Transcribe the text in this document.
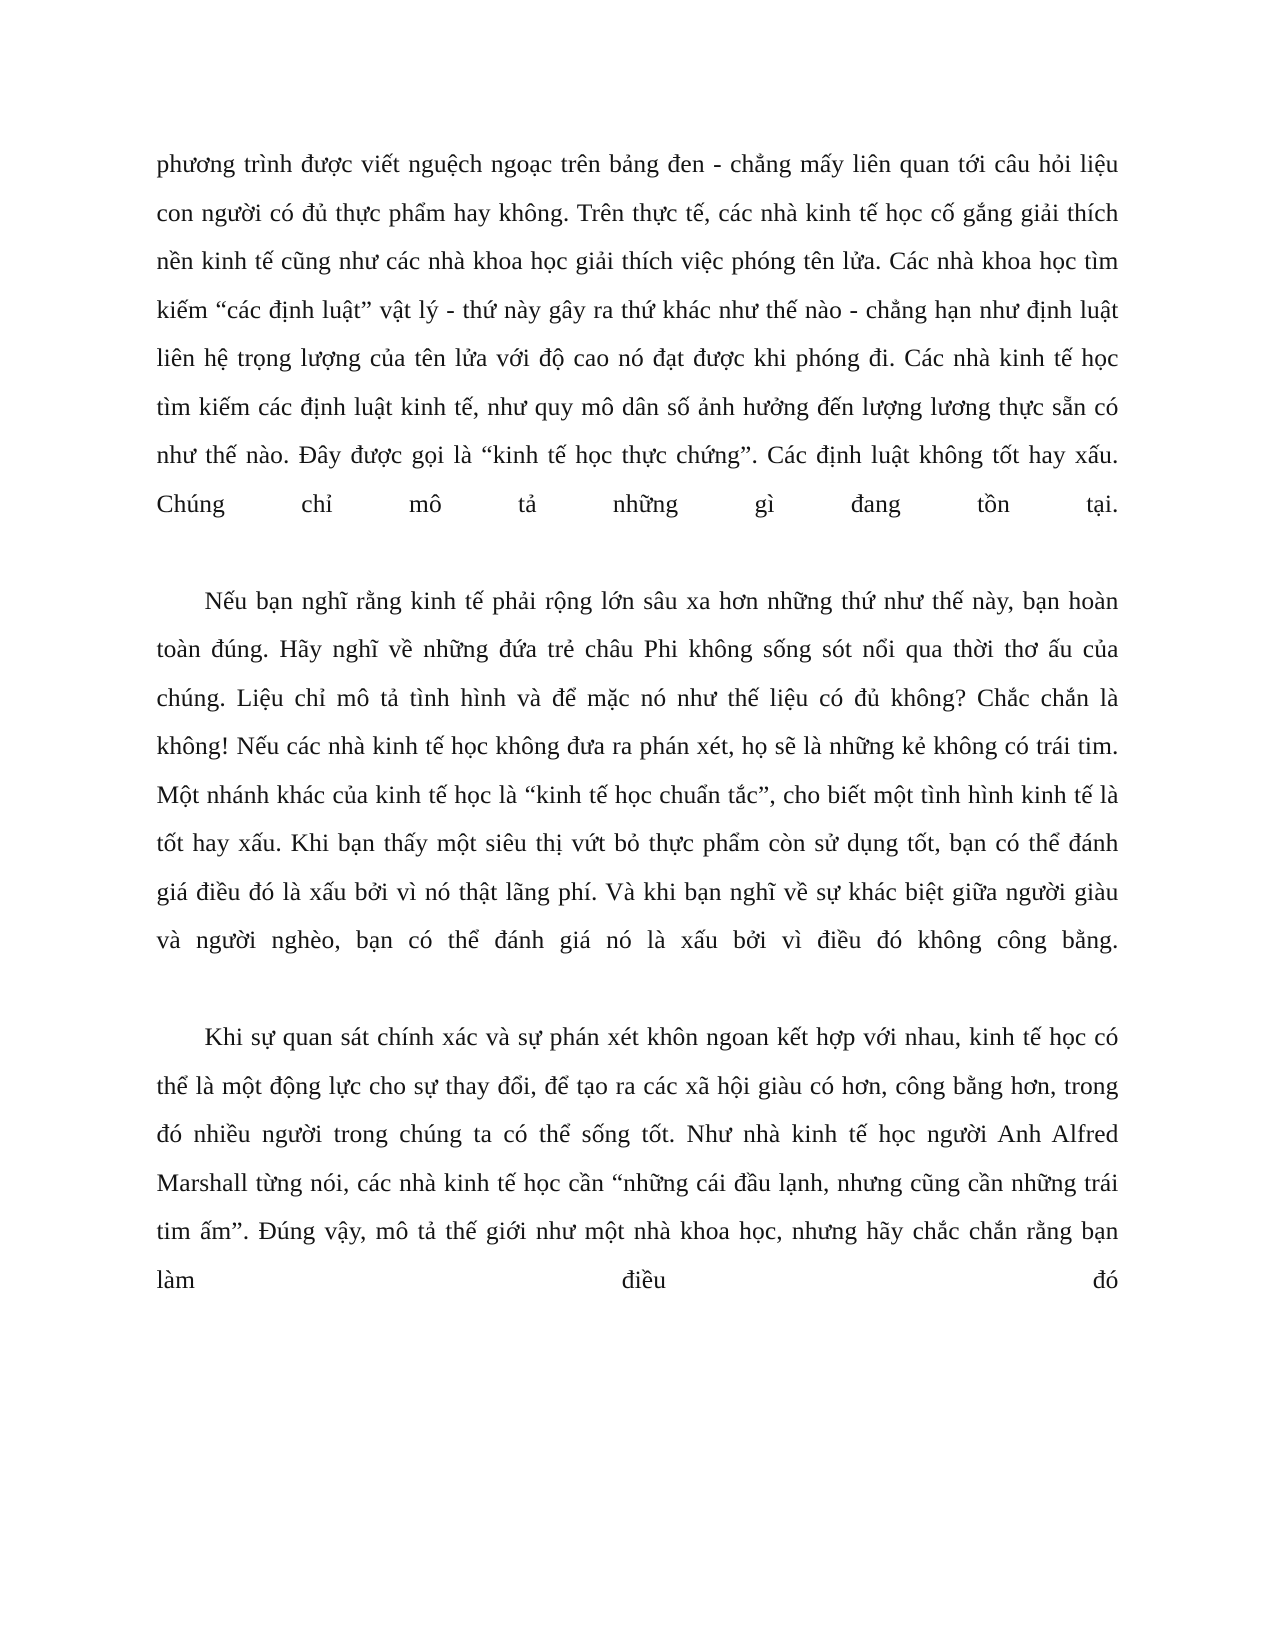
phương trình được viết nguệch ngoạc trên bảng đen - chẳng mấy liên quan tới câu hỏi liệu con người có đủ thực phẩm hay không. Trên thực tế, các nhà kinh tế học cố gắng giải thích nền kinh tế cũng như các nhà khoa học giải thích việc phóng tên lửa. Các nhà khoa học tìm kiếm “các định luật” vật lý - thứ này gây ra thứ khác như thế nào - chẳng hạn như định luật liên hệ trọng lượng của tên lửa với độ cao nó đạt được khi phóng đi. Các nhà kinh tế học tìm kiếm các định luật kinh tế, như quy mô dân số ảnh hưởng đến lượng lương thực sẵn có như thế nào. Đây được gọi là “kinh tế học thực chứng”. Các định luật không tốt hay xấu. Chúng chỉ mô tả những gì đang tồn tại.

Nếu bạn nghĩ rằng kinh tế phải rộng lớn sâu xa hơn những thứ như thế này, bạn hoàn toàn đúng. Hãy nghĩ về những đứa trẻ châu Phi không sống sót nổi qua thời thơ ấu của chúng. Liệu chỉ mô tả tình hình và để mặc nó như thế liệu có đủ không? Chắc chắn là không! Nếu các nhà kinh tế học không đưa ra phán xét, họ sẽ là những kẻ không có trái tim. Một nhánh khác của kinh tế học là “kinh tế học chuẩn tắc”, cho biết một tình hình kinh tế là tốt hay xấu. Khi bạn thấy một siêu thị vứt bỏ thực phẩm còn sử dụng tốt, bạn có thể đánh giá điều đó là xấu bởi vì nó thật lãng phí. Và khi bạn nghĩ về sự khác biệt giữa người giàu và người nghèo, bạn có thể đánh giá nó là xấu bởi vì điều đó không công bằng.

Khi sự quan sát chính xác và sự phán xét khôn ngoan kết hợp với nhau, kinh tế học có thể là một động lực cho sự thay đổi, để tạo ra các xã hội giàu có hơn, công bằng hơn, trong đó nhiều người trong chúng ta có thể sống tốt. Như nhà kinh tế học người Anh Alfred Marshall từng nói, các nhà kinh tế học cần “những cái đầu lạnh, nhưng cũng cần những trái tim ấm”. Đúng vậy, mô tả thế giới như một nhà khoa học, nhưng hãy chắc chắn rằng bạn làm điều đó
